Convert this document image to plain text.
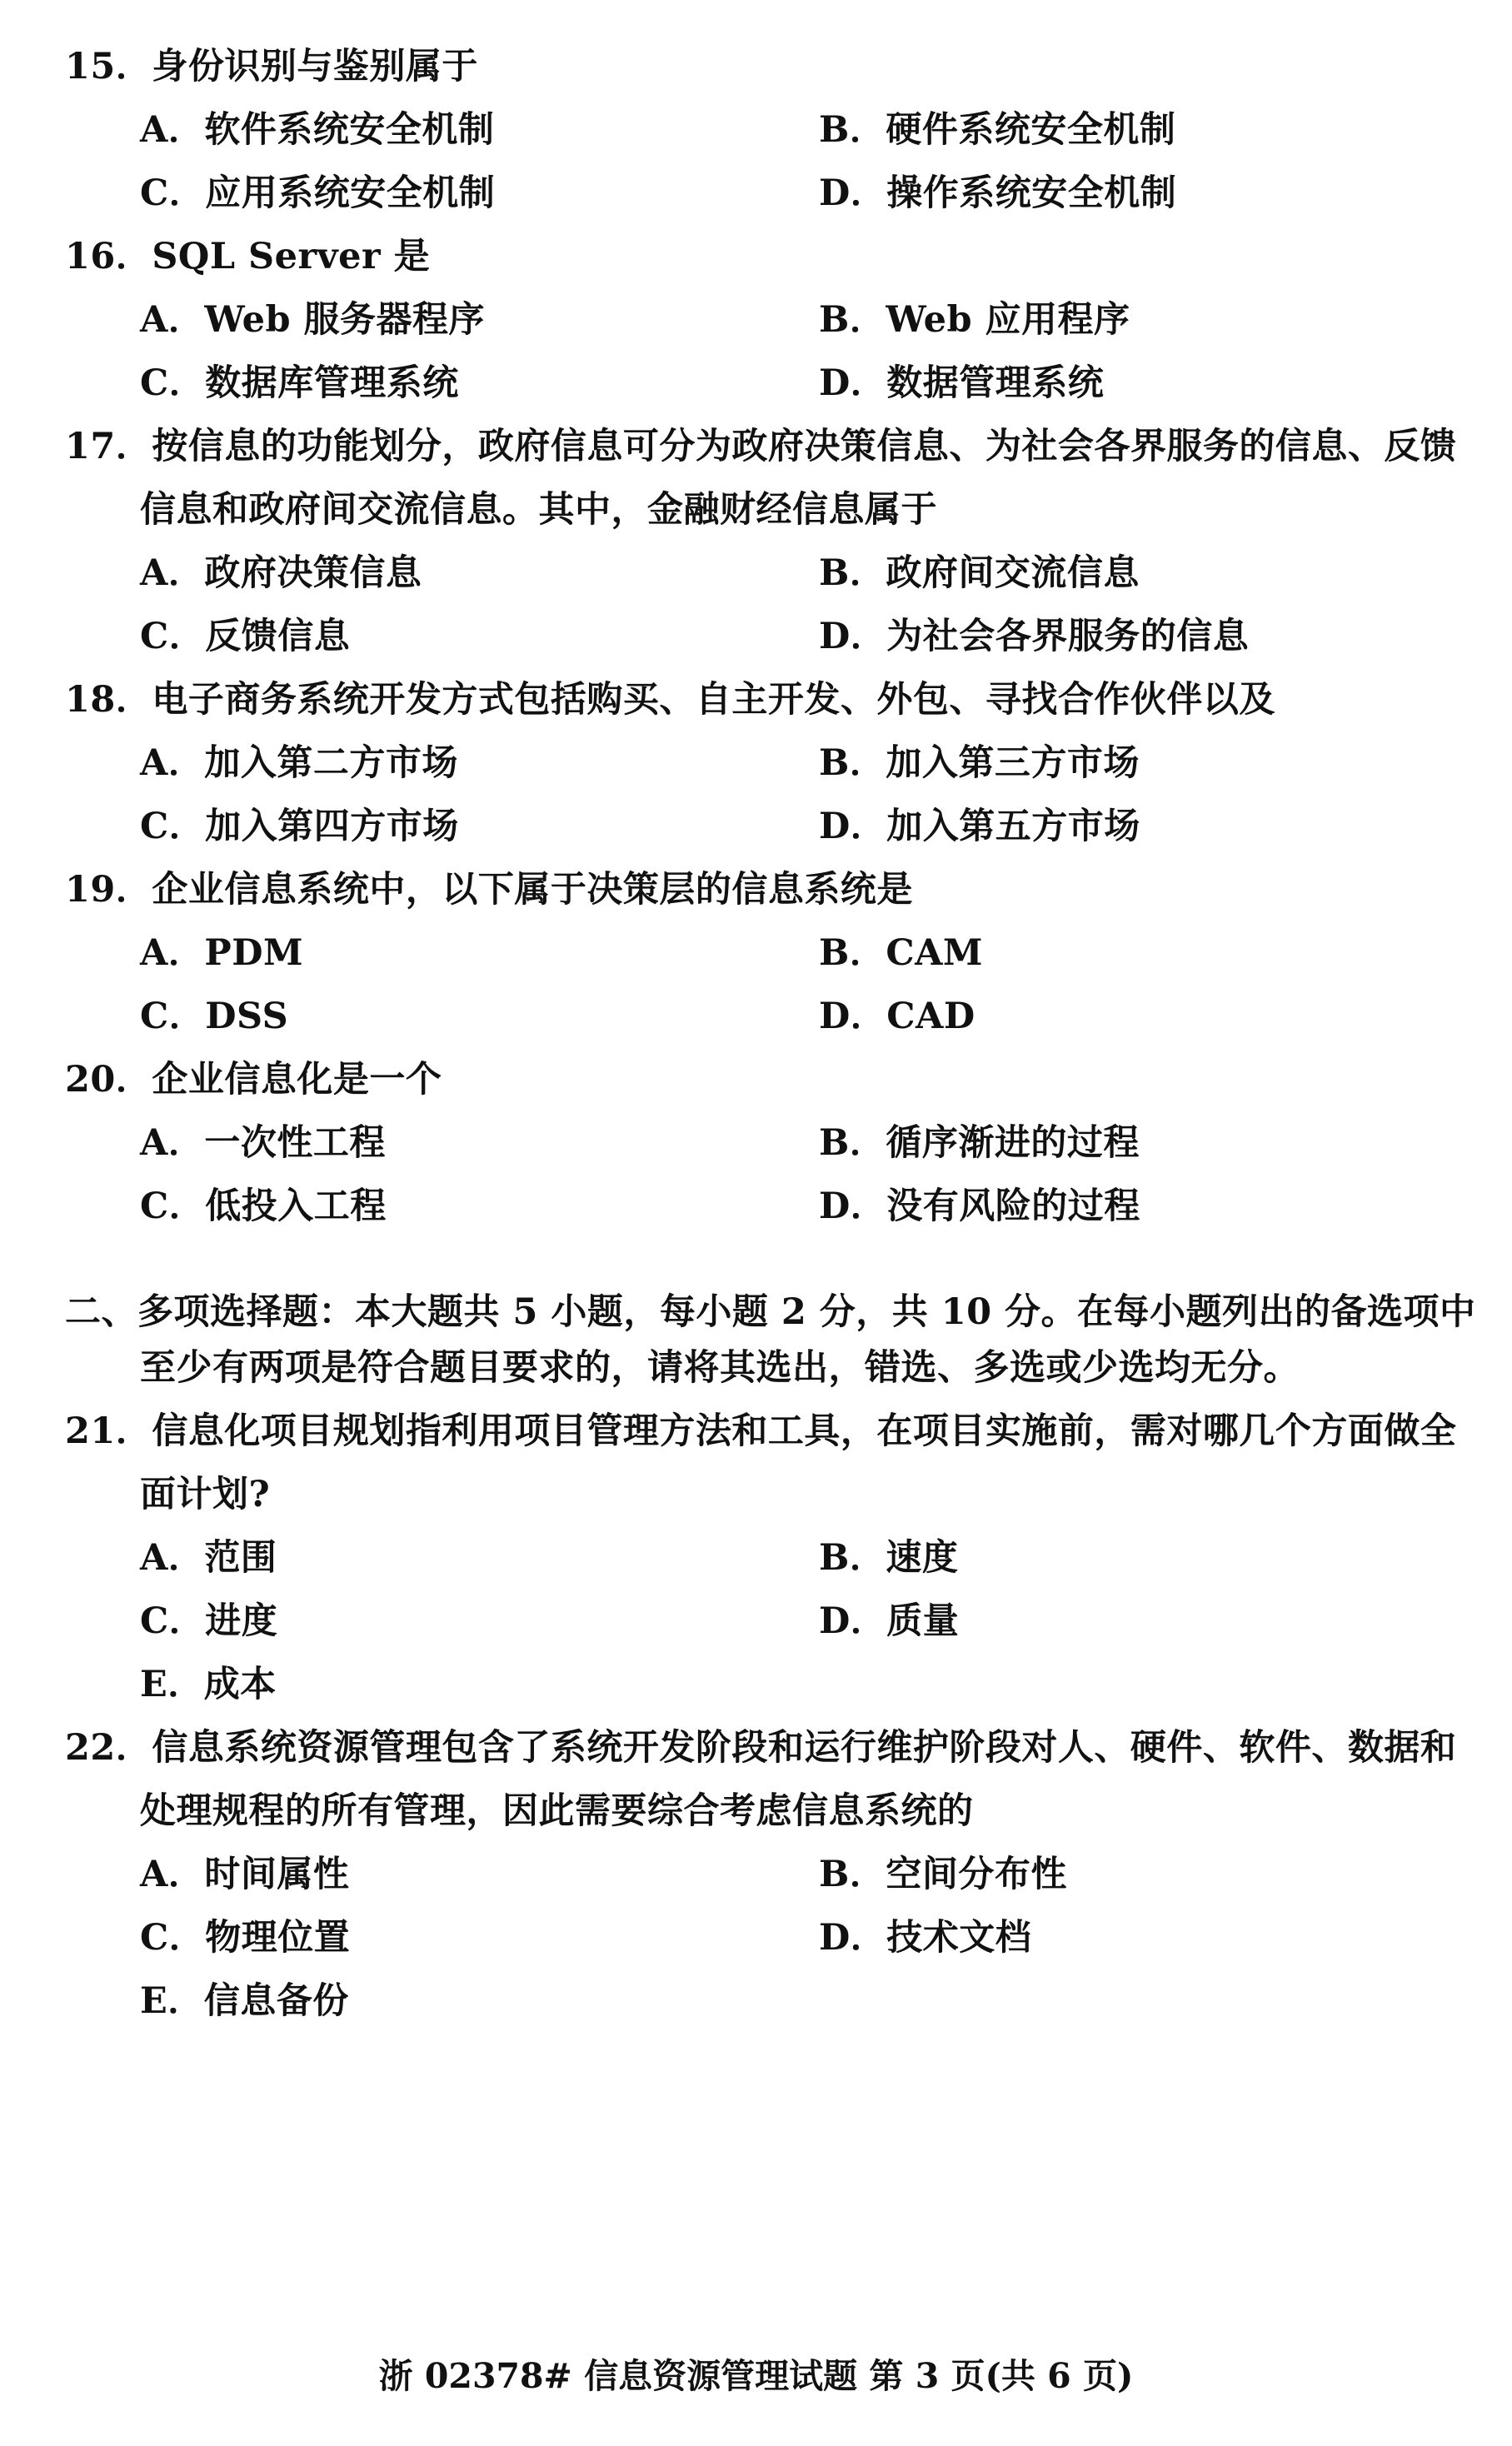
15．身份识别与鉴别属于
A．软件系统安全机制	B．硬件系统安全机制
C．应用系统安全机制	D．操作系统安全机制
16．SQL Server 是
A．Web 服务器程序	B．Web 应用程序
C．数据库管理系统	D．数据管理系统
17．按信息的功能划分，政府信息可分为政府决策信息、为社会各界服务的信息、反馈
信息和政府间交流信息。其中，金融财经信息属于
A．政府决策信息	B．政府间交流信息
C．反馈信息	D．为社会各界服务的信息
18．电子商务系统开发方式包括购买、自主开发、外包、寻找合作伙伴以及
A．加入第二方市场	B．加入第三方市场
C．加入第四方市场	D．加入第五方市场
19．企业信息系统中，以下属于决策层的信息系统是
A．PDM	B．CAM
C．DSS	D．CAD
20．企业信息化是一个
A．一次性工程	B．循序渐进的过程
C．低投入工程	D．没有风险的过程
二、多项选择题：本大题共 5 小题，每小题 2 分，共 10 分。在每小题列出的备选项中
至少有两项是符合题目要求的，请将其选出，错选、多选或少选均无分。
21．信息化项目规划指利用项目管理方法和工具，在项目实施前，需对哪几个方面做全
面计划?
A．范围	B．速度
C．进度	D．质量
E．成本
22．信息系统资源管理包含了系统开发阶段和运行维护阶段对人、硬件、软件、数据和
处理规程的所有管理，因此需要综合考虑信息系统的
A．时间属性	B．空间分布性
C．物理位置	D．技术文档
E．信息备份
浙 02378# 信息资源管理试题 第 3 页(共 6 页)
